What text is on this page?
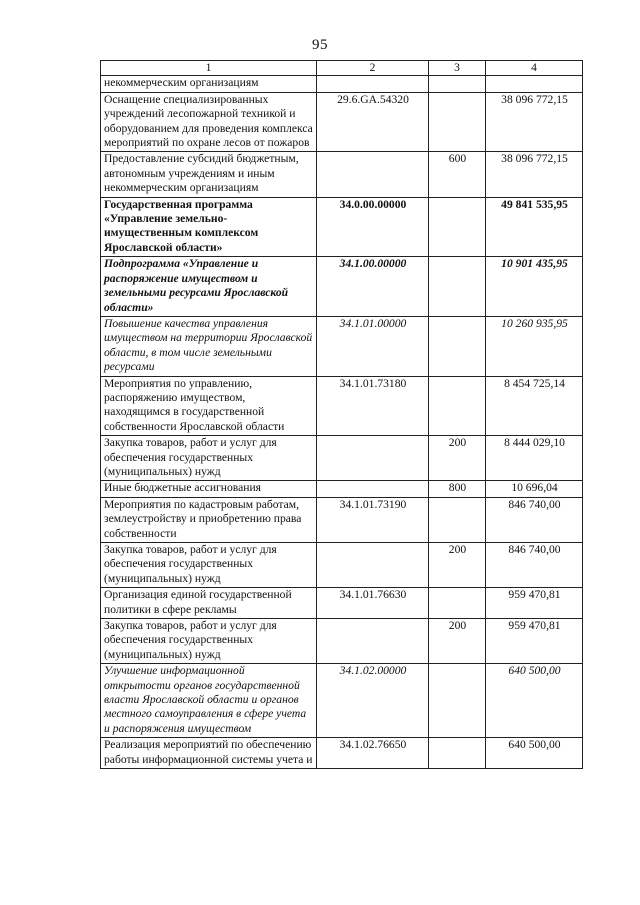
95
1	2	3	4
некоммерческим организациям			
Оснащение специализированных учреждений лесопожарной техникой и оборудованием для проведения комплекса мероприятий по охране лесов от пожаров	29.6.GA.54320		38 096 772,15
Предоставление субсидий бюджетным, автономным учреждениям и иным некоммерческим организациям		600	38 096 772,15
Государственная программа «Управление земельно-имущественным комплексом Ярославской области»	34.0.00.00000		49 841 535,95
Подпрограмма «Управление и распоряжение имуществом и земельными ресурсами Ярославской области»	34.1.00.00000		10 901 435,95
Повышение качества управления имуществом на территории Ярославской области, в том числе земельными ресурсами	34.1.01.00000		10 260 935,95
Мероприятия по управлению, распоряжению имуществом, находящимся в государственной собственности Ярославской области	34.1.01.73180		8 454 725,14
Закупка товаров, работ и услуг для обеспечения государственных (муниципальных) нужд		200	8 444 029,10
Иные бюджетные ассигнования		800	10 696,04
Мероприятия по кадастровым работам, землеустройству и приобретению права собственности	34.1.01.73190		846 740,00
Закупка товаров, работ и услуг для обеспечения государственных (муниципальных) нужд		200	846 740,00
Организация единой государственной политики в сфере рекламы	34.1.01.76630		959 470,81
Закупка товаров, работ и услуг для обеспечения государственных (муниципальных) нужд		200	959 470,81
Улучшение информационной открытости органов государственной власти Ярославской области и органов местного самоуправления в сфере учета и распоряжения имуществом	34.1.02.00000		640 500,00
Реализация мероприятий по обеспечению работы информационной системы учета и	34.1.02.76650		640 500,00
